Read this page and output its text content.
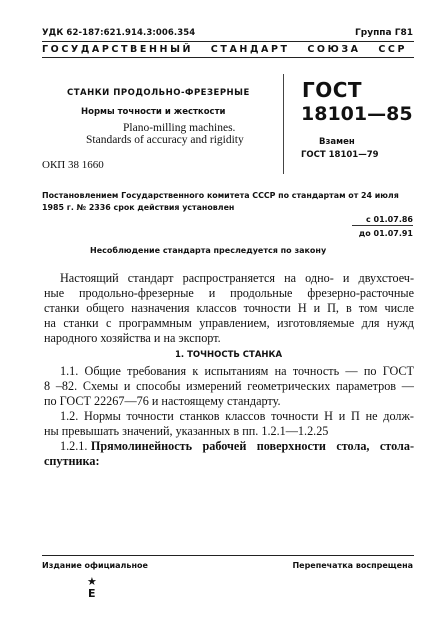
УДК 62-187:621.914.3:006.354	Группа Г81
ГОСУДАРСТВЕННЫЙ   СТАНДАРТ   СОЮЗА   ССР
СТАНКИ ПРОДОЛЬНО-ФРЕЗЕРНЫЕ
Нормы точности и жесткости
Plano-milling machines.
Standards of accuracy and rigidity
ОКП 38 1660
ГОСТ
18101—85
Взамен
ГОСТ 18101—79
Постановлением Государственного комитета СССР по стандартам от 24 июля
1985 г. № 2336 срок действия установлен
с 01.07.86
до 01.07.91
Несоблюдение стандарта преследуется по закону
Настоящий стандарт распространяется на одно- и двухстоеч-
ные продольно-фрезерные и продольные фрезерно-расточные
станки общего назначения классов точности Н и П, в том числе
на станки с программным управлением, изготовляемые для нужд
народного хозяйства и на экспорт.
1. ТОЧНОСТЬ СТАНКА
1.1. Общие требования к испытаниям на точность — по ГОСТ
8 –82. Схемы и способы измерений геометрических параметров —
по ГОСТ 22267—76 и настоящему стандарту.
1.2. Нормы точности станков классов точности Н и П не долж-
ны превышать значений, указанных в пп. 1.2.1—1.2.25
1.2.1. Прямолинейность   рабочей   поверхности   стола,   стола-
спутника:
Издание официальное	Перепечатка воспрещена
★
Е
